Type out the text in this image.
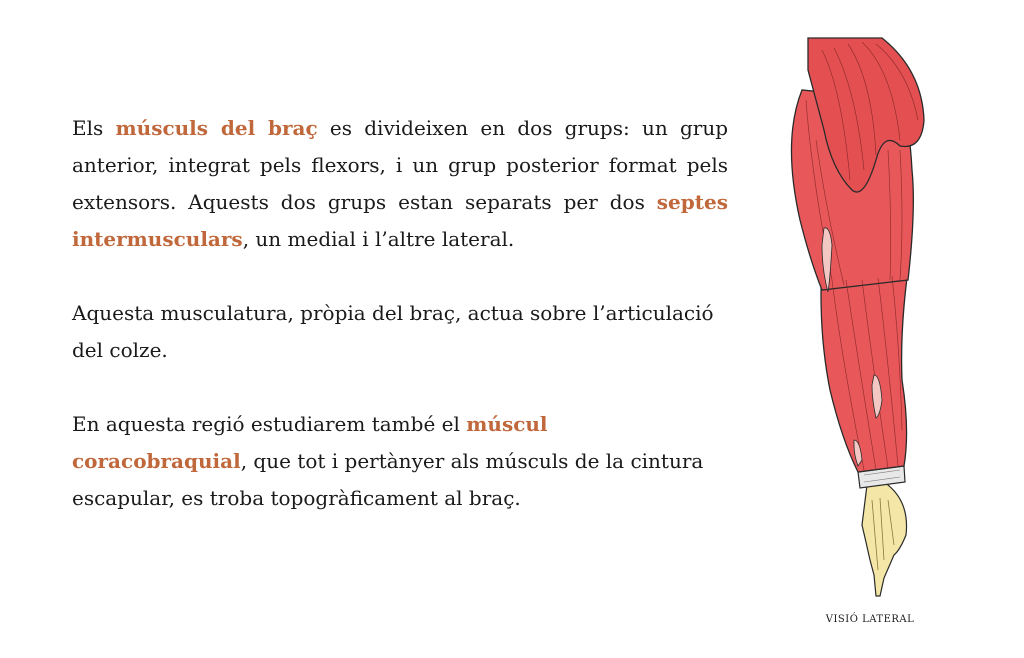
Els músculs del braç es divideixen en dos grups: un grup anterior, integrat pels flexors, i un grup posterior format pels extensors. Aquests dos grups estan separats per dos septes intermusculars, un medial i l’altre lateral.

Aquesta musculatura, pròpia del braç, actua sobre l’articulació del colze.

En aquesta regió estudiarem també el múscul coracobraquial, que tot i pertànyer als músculs de la cintura escapular, es troba topogràficament al braç.

VISIÓ LATERAL
